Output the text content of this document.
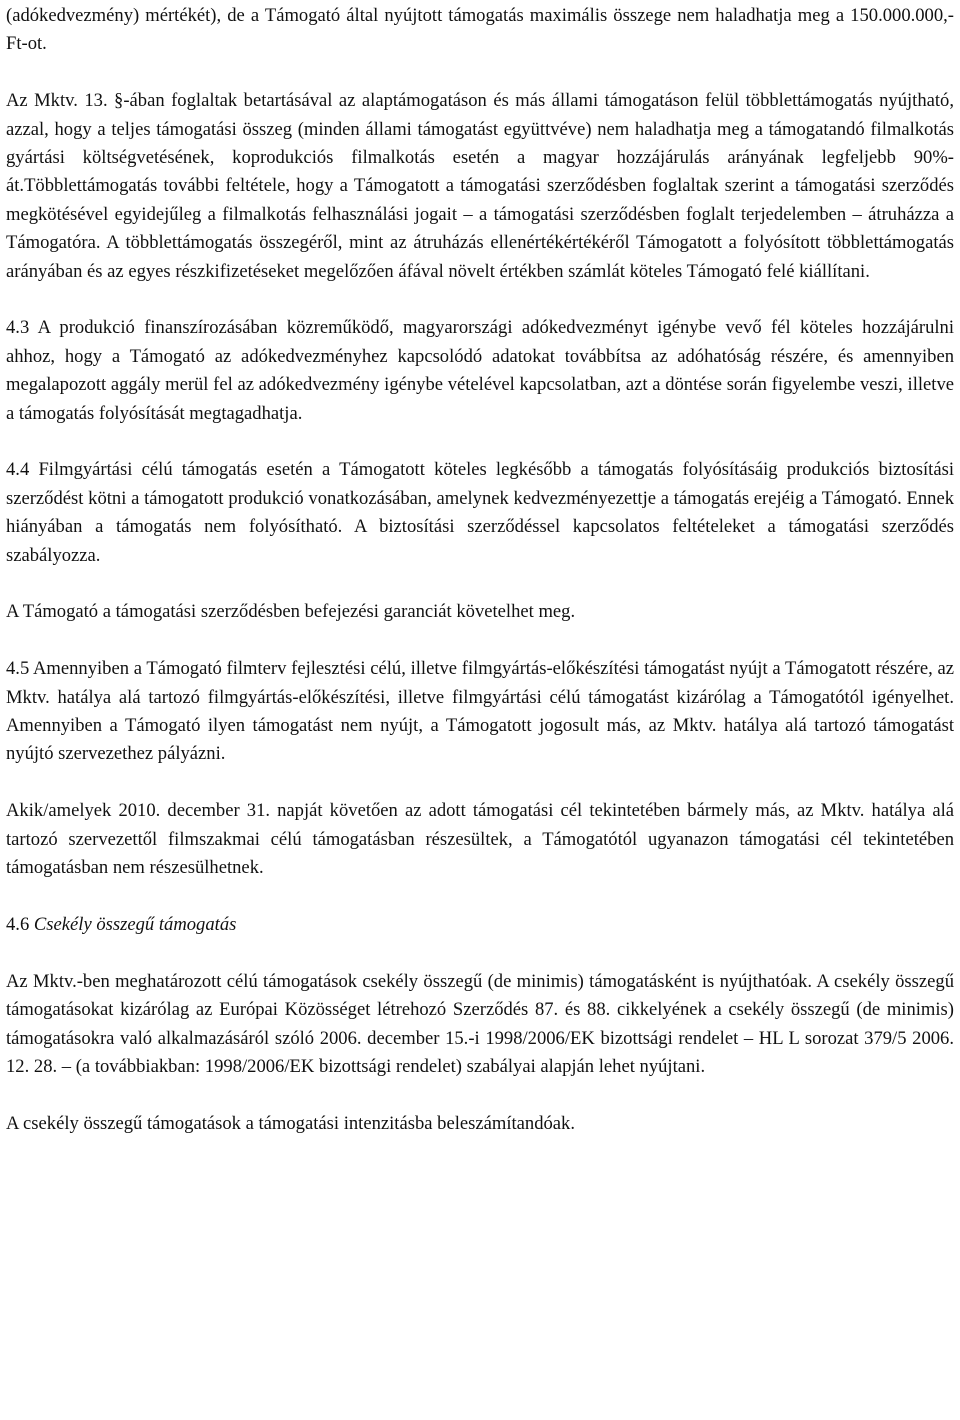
(adókedvezmény) mértékét), de a Támogató által nyújtott támogatás maximális összege nem haladhatja meg a 150.000.000,- Ft-ot.

Az Mktv. 13. §-ában foglaltak betartásával az alaptámogatáson és más állami támogatáson felül többlettámogatás nyújtható, azzal, hogy a teljes támogatási összeg (minden állami támogatást együttvéve) nem haladhatja meg a támogatandó filmalkotás gyártási költségvetésének, koprodukciós filmalkotás esetén a magyar hozzájárulás arányának legfeljebb 90%-át.Többlettámogatás további feltétele, hogy a Támogatott a támogatási szerződésben foglaltak szerint a támogatási szerződés megkötésével egyidejűleg a filmalkotás felhasználási jogait – a támogatási szerződésben foglalt terjedelemben – átruházza a Támogatóra. A többlettámogatás összegéről, mint az átruházás ellenértékértékéről Támogatott a folyósított többlettámogatás arányában és az egyes részkifizetéseket megelőzően áfával növelt értékben számlát köteles Támogató felé kiállítani.

4.3 A produkció finanszírozásában közreműködő, magyarországi adókedvezményt igénybe vevő fél köteles hozzájárulni ahhoz, hogy a Támogató az adókedvezményhez kapcsolódó adatokat továbbítsa az adóhatóság részére, és amennyiben megalapozott aggály merül fel az adókedvezmény igénybe vételével kapcsolatban, azt a döntése során figyelembe veszi, illetve a támogatás folyósítását megtagadhatja.

4.4 Filmgyártási célú támogatás esetén a Támogatott köteles legkésőbb a támogatás folyósításáig produkciós biztosítási szerződést kötni a támogatott produkció vonatkozásában, amelynek kedvezményezettje a támogatás erejéig a Támogató. Ennek hiányában a támogatás nem folyósítható. A biztosítási szerződéssel kapcsolatos feltételeket a támogatási szerződés szabályozza.

A Támogató a támogatási szerződésben befejezési garanciát követelhet meg.

4.5 Amennyiben a Támogató filmterv fejlesztési célú, illetve filmgyártás-előkészítési támogatást nyújt a Támogatott részére, az Mktv. hatálya alá tartozó filmgyártás-előkészítési, illetve filmgyártási célú támogatást kizárólag a Támogatótól igényelhet. Amennyiben a Támogató ilyen támogatást nem nyújt, a Támogatott jogosult más, az Mktv. hatálya alá tartozó támogatást nyújtó szervezethez pályázni.

Akik/amelyek 2010. december 31. napját követően az adott támogatási cél tekintetében bármely más, az Mktv. hatálya alá tartozó szervezettől filmszakmai célú támogatásban részesültek, a Támogatótól ugyanazon támogatási cél tekintetében támogatásban nem részesülhetnek.

4.6 Csekély összegű támogatás

Az Mktv.-ben meghatározott célú támogatások csekély összegű (de minimis) támogatásként is nyújthatóak. A csekély összegű támogatásokat kizárólag az Európai Közösséget létrehozó Szerződés 87. és 88. cikkelyének a csekély összegű (de minimis) támogatásokra való alkalmazásáról szóló 2006. december 15.-i 1998/2006/EK bizottsági rendelet – HL L sorozat 379/5 2006. 12. 28. – (a továbbiakban: 1998/2006/EK bizottsági rendelet) szabályai alapján lehet nyújtani.

A csekély összegű támogatások a támogatási intenzitásba beleszámítandóak.
